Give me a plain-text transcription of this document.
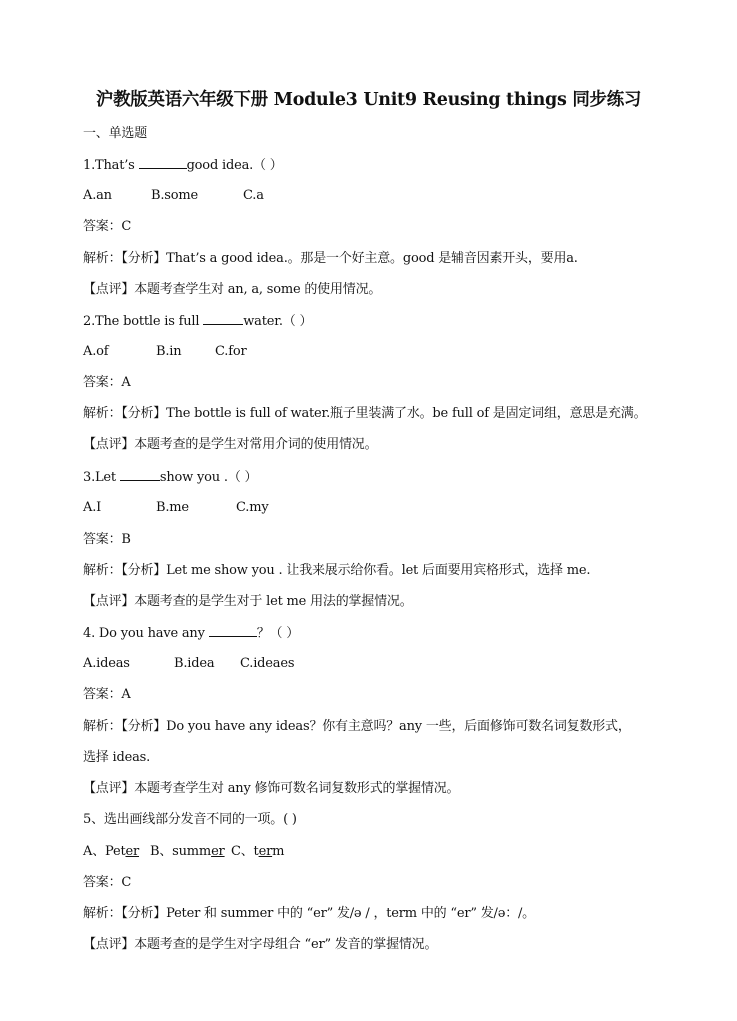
沪教版英语六年级下册 Module3 Unit9 Reusing things 同步练习
一、单选题
1.That’s	good idea.（ ）
A.an	B.some	C.a
答案：C
解析：【分析】That’s a good idea.。那是一个好主意。good 是辅音因素开头，要用a.
【点评】本题考查学生对 an, a, some 的使用情况。
2.The bottle is full	water.（ ）
A.of	B.in	C.for
答案：A
解析：【分析】The bottle is full of water.瓶子里装满了水。be full of 是固定词组，意思是充满。
【点评】本题考查的是学生对常用介词的使用情况。
3.Let	show you .（ ）
A.I	B.me	C.my
答案：B
解析：【分析】Let me show you . 让我来展示给你看。let 后面要用宾格形式，选择 me.
【点评】本题考查的是学生对于 let me 用法的掌握情况。
4. Do you have any	？（ ）
A.ideas	B.idea C.ideaes
答案：A
解析：【分析】Do you have any ideas？你有主意吗？any 一些，后面修饰可数名词复数形式，
选择 ideas.
【点评】本题考查学生对 any 修饰可数名词复数形式的掌握情况。
5、选出画线部分发音不同的一项。( )
A、Peter B、summer C、term
答案：C
解析：【分析】Peter 和 summer 中的 “er” 发/ə / ，term 中的 “er” 发/ə：/。
【点评】本题考查的是学生对字母组合 “er” 发音的掌握情况。
